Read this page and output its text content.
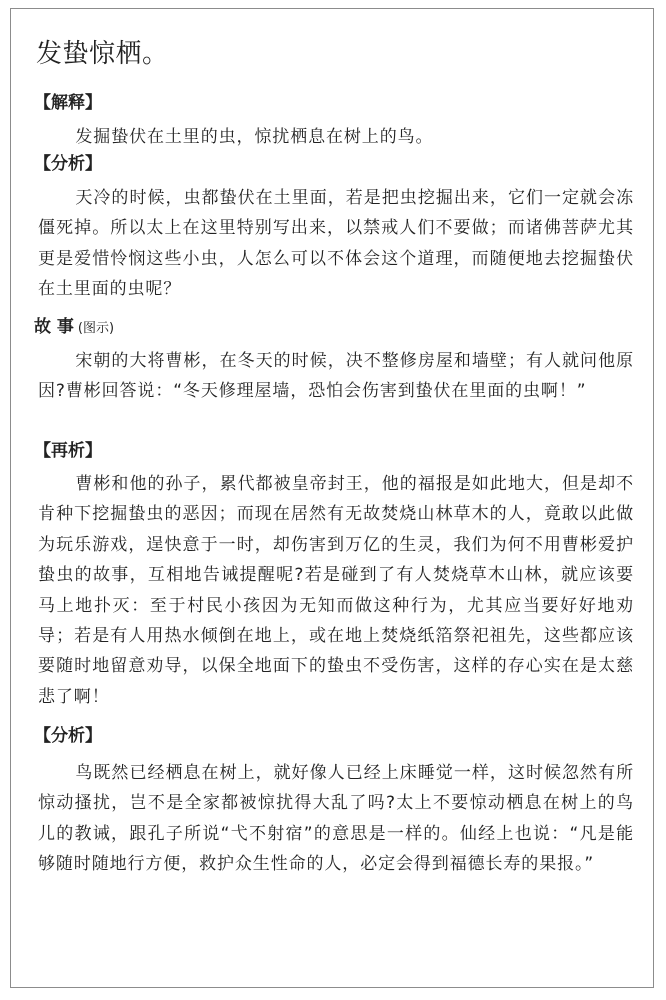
发蛰惊栖。
【解释】

发掘蛰伏在土里的虫，惊扰栖息在树上的鸟。

【分析】

天冷的时候，虫都蛰伏在土里面，若是把虫挖掘出来，它们一定就会冻僵死掉。所以太上在这里特别写出来，以禁戒人们不要做；而诸佛菩萨尤其更是爱惜怜悯这些小虫，人怎么可以不体会这个道理，而随便地去挖掘蛰伏在土里面的虫呢？

故 事 (图示)

宋朝的大将曹彬，在冬天的时候，决不整修房屋和墙壁；有人就问他原因?曹彬回答说：“冬天修理屋墙，恐怕会伤害到蛰伏在里面的虫啊！”

【再析】

曹彬和他的孙子，累代都被皇帝封王，他的福报是如此地大，但是却不肯种下挖掘蛰虫的恶因；而现在居然有无故焚烧山林草木的人，竟敢以此做为玩乐游戏，逞快意于一时，却伤害到万亿的生灵，我们为何不用曹彬爱护蛰虫的故事，互相地告诫提醒呢?若是碰到了有人焚烧草木山林，就应该要马上地扑灭：至于村民小孩因为无知而做这种行为，尤其应当要好好地劝导；若是有人用热水倾倒在地上，或在地上焚烧纸箔祭祀祖先，这些都应该要随时地留意劝导，以保全地面下的蛰虫不受伤害，这样的存心实在是太慈悲了啊！

【分析】

鸟既然已经栖息在树上，就好像人已经上床睡觉一样，这时候忽然有所惊动搔扰，岂不是全家都被惊扰得大乱了吗?太上不要惊动栖息在树上的鸟儿的教诫，跟孔子所说“弋不射宿”的意思是一样的。仙经上也说：“凡是能够随时随地行方便，救护众生性命的人，必定会得到福德长寿的果报。”
